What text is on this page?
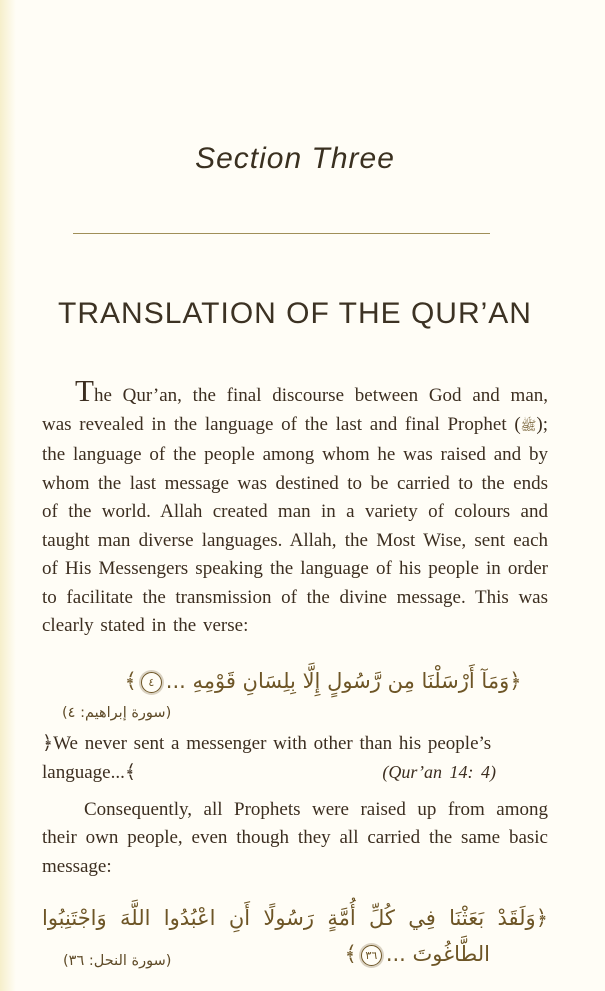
Section Three
TRANSLATION OF THE QUR’AN

The Qur’an, the final discourse between God and man, was revealed in the language of the last and final Prophet (ﷺ); the language of the people among whom he was raised and by whom the last message was destined to be carried to the ends of the world. Allah created man in a variety of colours and taught man diverse languages. Allah, the Most Wise, sent each of His Messengers speaking the language of his people in order to facilitate the transmission of the divine message. This was clearly stated in the verse:

﴿وَمَآ أَرْسَلْنَا مِن رَّسُولٍ إِلَّا بِلِسَانِ قَوْمِهِ ...٤﴾
(سورة إبراهيم: ٤)
﴿We never sent a messenger with other than his people’s
language...﴾	(Qur’an 14: 4)

Consequently, all Prophets were raised up from among their own people, even though they all carried the same basic message:

﴿وَلَقَدْ بَعَثْنَا فِي كُلِّ أُمَّةٍ رَسُولًا أَنِ اعْبُدُوا اللَّهَ وَاجْتَنِبُوا
(سورة النحل: ٣٦)	الطَّاغُوتَ ...٣٦﴾
